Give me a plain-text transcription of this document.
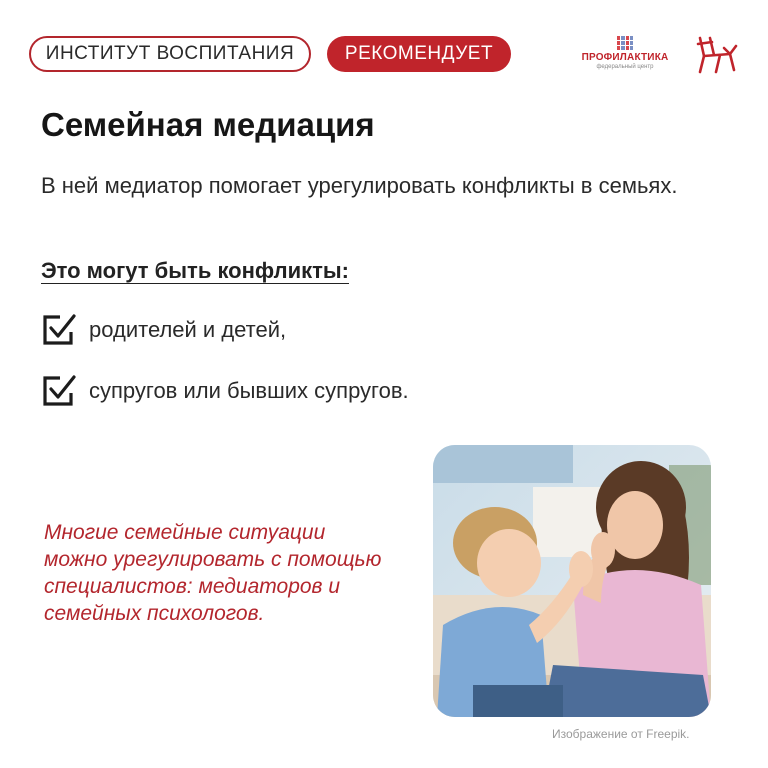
ИНСТИТУТ ВОСПИТАНИЯ	РЕКОМЕНДУЕТ	ПРОФИЛАКТИКА
федеральный центр
Семейная медиация
В ней медиатор помогает урегулировать конфликты в семьях.
Это могут быть конфликты:
родителей и детей,
супругов или бывших супругов.
Многие семейные ситуации можно урегулировать с помощью специалистов: медиаторов и семейных психологов.
Изображение от Freepik.
